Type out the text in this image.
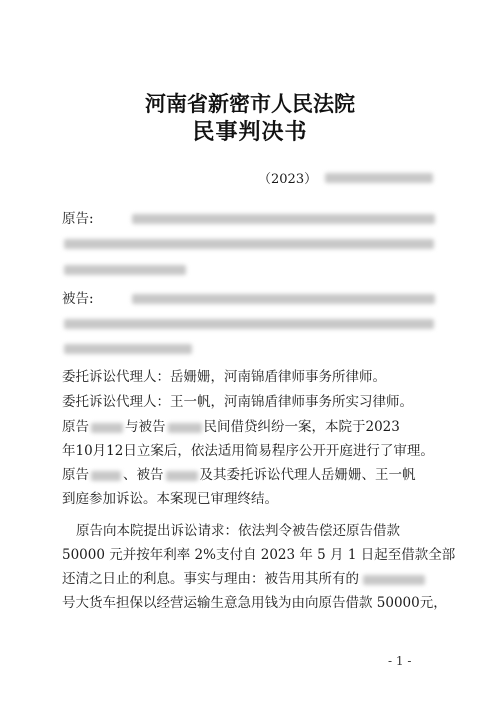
河南省新密市人民法院
民事判决书
（2023）
原告:
被告:
委托诉讼代理人：岳姗姗，河南锦盾律师事务所律师。
委托诉讼代理人：王一帆，河南锦盾律师事务所实习律师。
原告	与被告	民间借贷纠纷一案，本院于2023
年10月12日立案后，依法适用简易程序公开开庭进行了审理。
原告	、被告	及其委托诉讼代理人岳姗姗、王一帆
到庭参加诉讼。本案现已审理终结。
原告向本院提出诉讼请求：依法判令被告偿还原告借款
50000 元并按年利率 2%支付自 2023 年 5 月 1 日起至借款全部
还清之日止的利息。事实与理由：被告用其所有的
号大货车担保以经营运输生意急用钱为由向原告借款 50000元，
- 1 -
